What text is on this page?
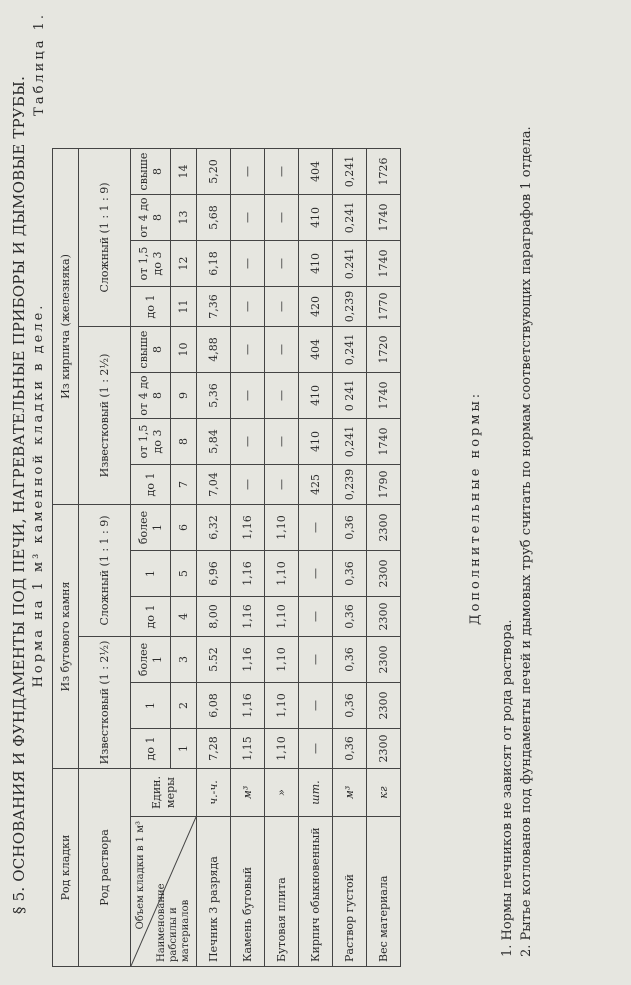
§ 5. ОСНОВАНИЯ И ФУНДАМЕНТЫ ПОД ПЕЧИ, НАГРЕВАТЕЛЬНЫЕ ПРИБОРЫ И ДЫМОВЫЕ ТРУБЫ. Норма на 1 м³ каменной кладки в деле.
Таблица 1.
Род кладки		Из бутового камня						Из кирпича (железняка)							
Род раствора		Известковый (1 : 2½)			Сложный (1 : 1 : 9)			Известковый (1 : 2½)				Сложный (1 : 1 : 9)			

Объем кладки в 1 м³ Наименование рабсилы и материалов	Един. меры	до 1	1	более 1	до 1	1	более 1	до 1	от 1,5 до 3	от 4 до 8	свыше 8	до 1	от 1,5 до 3	от 4 до 8	свыше 8
		1	2	3	4	5	6	7	8	9	10	11	12	13	14
Печник 3 разряда	ч.-ч.	7,28	6,08	5.52	8,00	6,96	6,32	7,04	5,84	5,36	4,88	7,36	6,18	5,68	5,20
Камень бутовый	м³	1,15	1,16	1,16	1,16	1,16	1,16	—	—	—	—	—	—	—	—
Бутовая плита	»	1,10	1,10	1,10	1,10	1,10	1,10	—	—	—	—	—	—	—	—
Кирпич обыкновенный	шт.	—	—	—	—	—	—	425	410	410	404	420	410	410	404
Раствор густой	м³	0,36	0,36	0,36	0,36	0,36	0,36	0,239	0,241	0 241	0,241	0,239	0.241	0,241	0,241
Вес материала	кг	2300	2300	2300	2300	2300	2300	1790	1740	1740	1720	1770	1740	1740	1726
Дополнительные нормы:
1. Нормы печников не зависят от рода раствора. 2. Рытье котлованов под фундаменты печей и дымовых труб считать по нормам соответствующих параграфов 1 отдела.
